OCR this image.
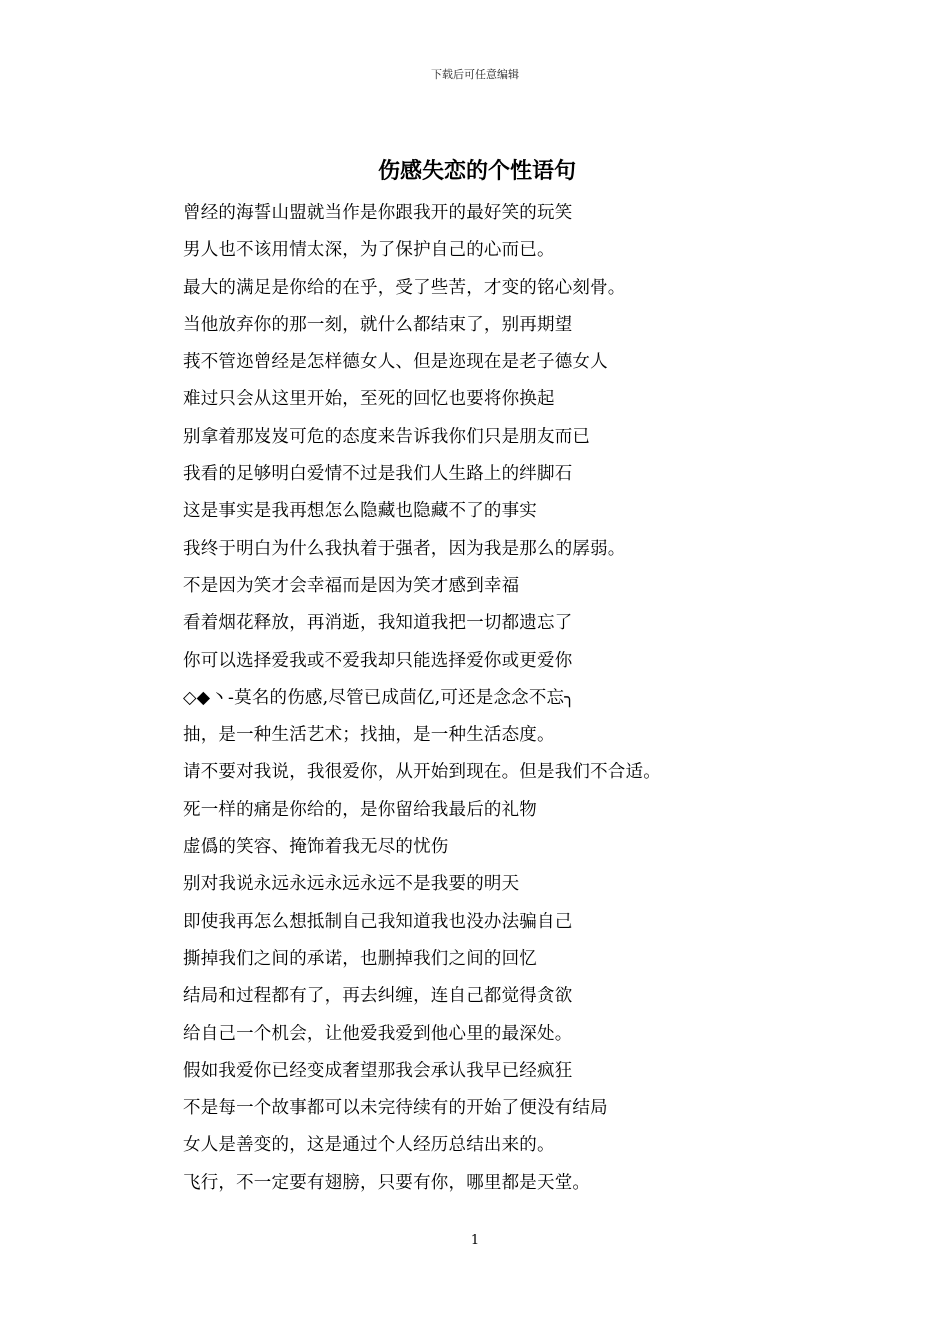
下载后可任意编辑
伤感失恋的个性语句
曾经的海誓山盟就当作是你跟我开的最好笑的玩笑
男人也不该用情太深，为了保护自己的心而已。
最大的满足是你给的在乎，受了些苦，才变的铭心刻骨。
当他放弃你的那一刻，就什么都结束了，别再期望
莪不管迩曾经是怎样德女人、但是迩现在是老子德女人
难过只会从这里开始，至死的回忆也要将你换起
别拿着那岌岌可危的态度来告诉我你们只是朋友而已
我看的足够明白爱情不过是我们人生路上的绊脚石
这是事实是我再想怎么隐藏也隐藏不了的事实
我终于明白为什么我执着于强者，因为我是那么的孱弱。
不是因为笑才会幸福而是因为笑才感到幸福
看着烟花释放，再消逝，我知道我把一切都遗忘了
你可以选择爱我或不爱我却只能选择爱你或更爱你
◇◆丶-莫名的伤感,尽管已成茴亿,可还是念念不忘╮
抽，是一种生活艺术；找抽，是一种生活态度。
请不要对我说，我很爱你，从开始到现在。但是我们不合适。
死一样的痛是你给的，是你留给我最后的礼物
虚僞的笑容、掩饰着我无尽的忧伤
别对我说永远永远永远永远不是我要的明天
即使我再怎么想抵制自己我知道我也没办法骗自己
撕掉我们之间的承诺，也删掉我们之间的回忆
结局和过程都有了，再去纠缠，连自己都觉得贪欲
给自己一个机会，让他爱我爱到他心里的最深处。
假如我爱你已经变成奢望那我会承认我早已经疯狂
不是每一个故事都可以未完待续有的开始了便没有结局
女人是善变的，这是通过个人经历总结出来的。
飞行，不一定要有翅膀，只要有你，哪里都是天堂。
1
